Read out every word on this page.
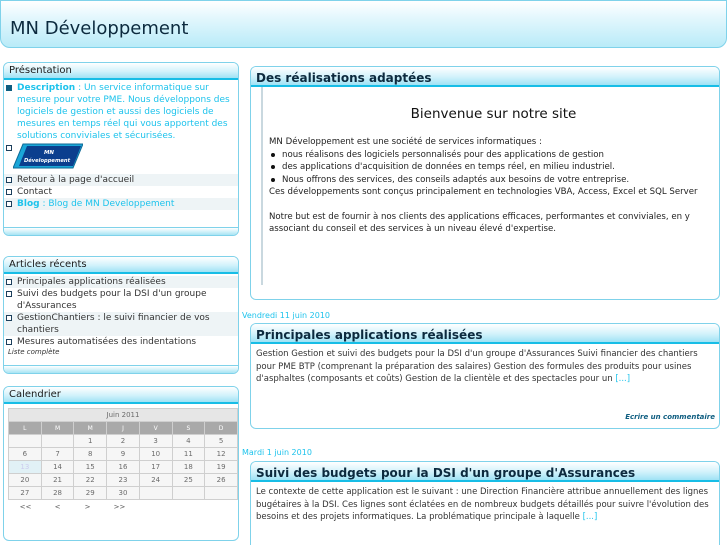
MN Développement
Présentation
Description : Un service informatique sur mesure pour votre PME. Nous développons des logiciels de gestion et aussi des logiciels de mesures en temps réel qui vous apportent des solutions conviviales et sécurisées.
MN
Développement
Retour à la page d'accueil
Contact
Blog : Blog de MN Developpement
Articles récents
Principales applications réalisées
Suivi des budgets pour la DSI d'un groupe d'Assurances
GestionChantiers : le suivi financier de vos chantiers
Mesures automatisées des indentations
Liste complète
Calendrier
Juin 2011						
L	M	M	J	V	S	D
		1	2	3	4	5
6	7	8	9	10	11	12
13	14	15	16	17	18	19
20	21	22	23	24	25	26
27	28	29	30			
<< < > >>						
Des réalisations adaptées
Bienvenue sur notre site
MN Développement est une société de services informatiques :
nous réalisons des logiciels personnalisés pour des applications de gestion
des applications d'acquisition de données en temps réel, en milieu industriel.
Nous offrons des services, des conseils adaptés aux besoins de votre entreprise.
Ces développements sont conçus principalement en technologies VBA, Access, Excel et SQL Server
Notre but est de fournir à nos clients des applications efficaces, performantes et conviviales, en y associant du conseil et des services à un niveau élevé d'expertise.
Vendredi 11 juin 2010
Principales applications réalisées
Gestion Gestion et suivi des budgets pour la DSI d'un groupe d'Assurances Suivi financier des chantiers pour PME BTP (comprenant la préparation des salaires) Gestion des formules des produits pour usines d'asphaltes (composants et coûts) Gestion de la clientèle et des spectacles pour un [...]
Ecrire un commentaire
Mardi 1 juin 2010
Suivi des budgets pour la DSI d'un groupe d'Assurances
Le contexte de cette application est le suivant : une Direction Financière attribue annuellement des lignes bugétaires à la DSI. Ces lignes sont éclatées en de nombreux budgets détaillés pour suivre l'évolution des besoins et des projets informatiques. La problématique principale à laquelle [...]
